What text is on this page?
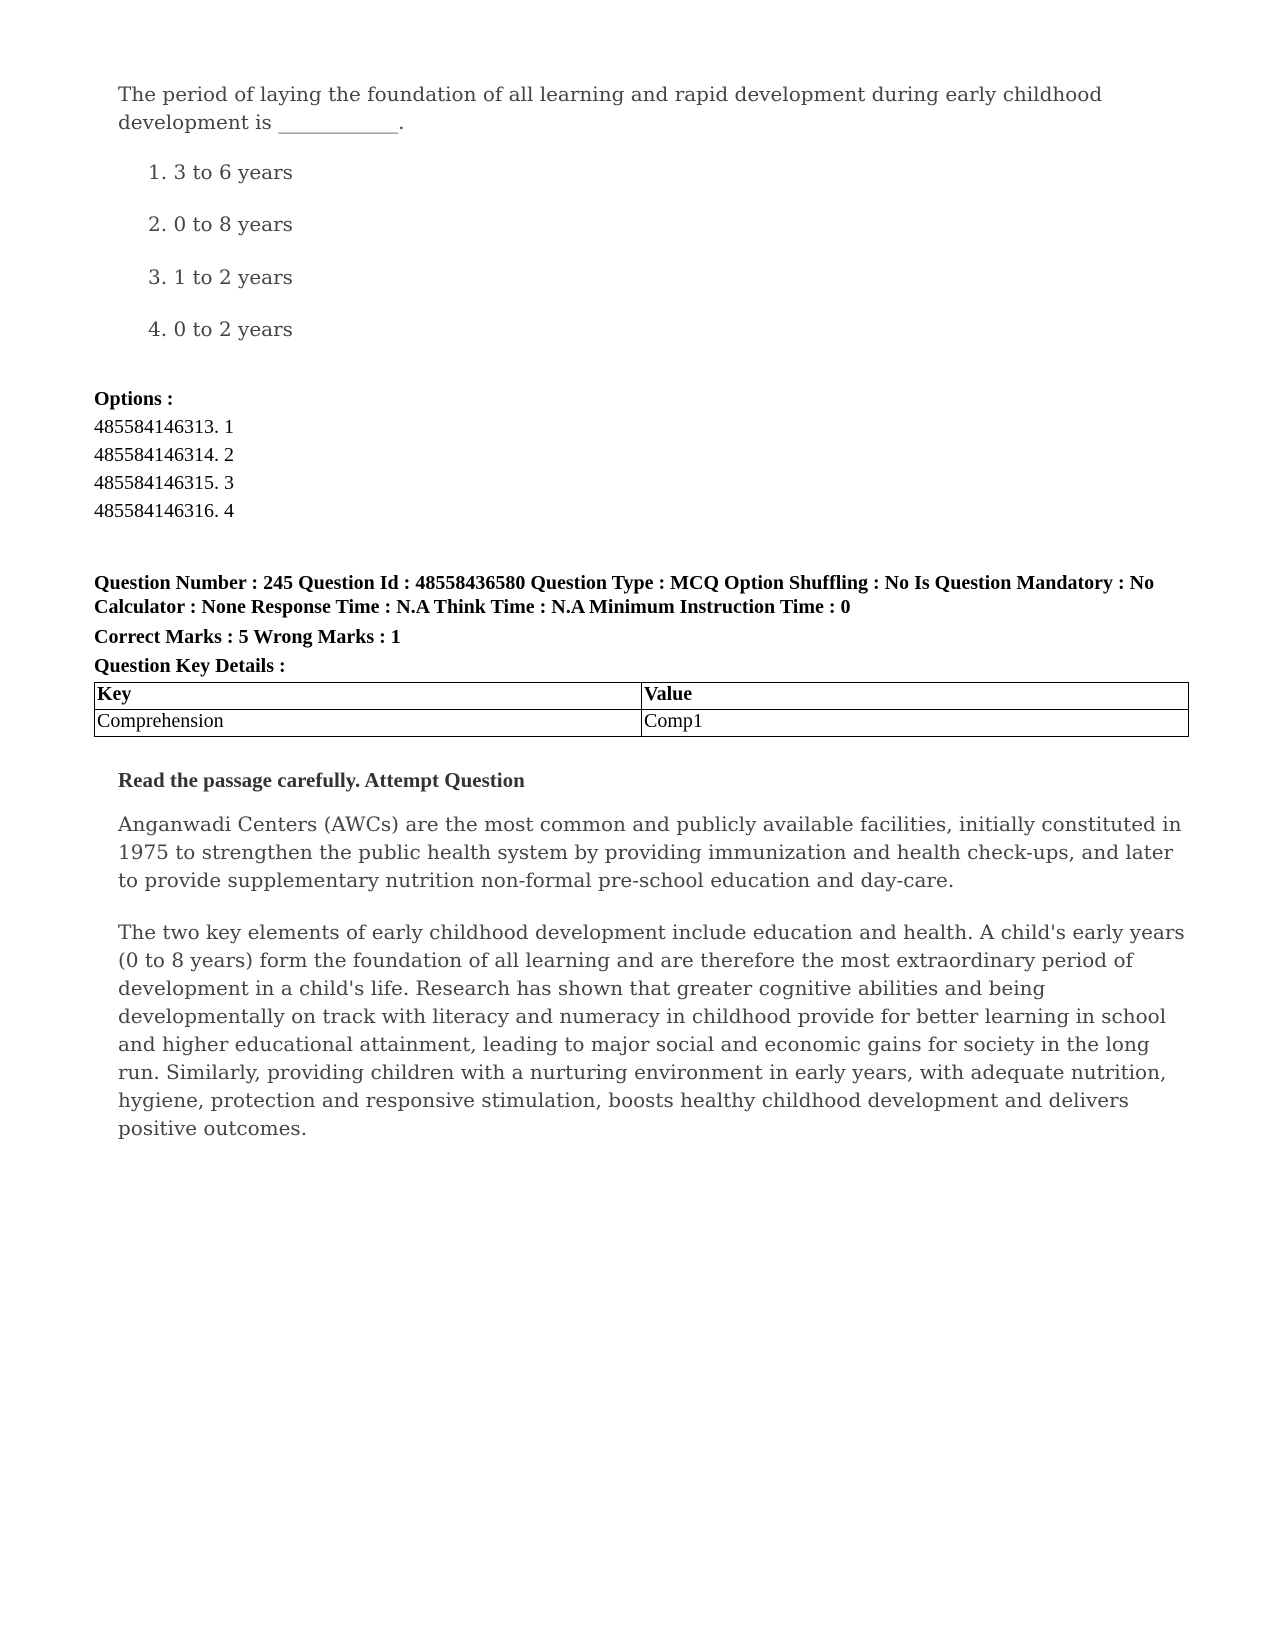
The period of laying the foundation of all learning and rapid development during early childhood development is ____________.

1. 3 to 6 years

2. 0 to 8 years

3. 1 to 2 years

4. 0 to 2 years

Options :

485584146313. 1

485584146314. 2

485584146315. 3

485584146316. 4

Question Number : 245 Question Id : 48558436580 Question Type : MCQ Option Shuffling : No Is Question Mandatory : No Calculator : None Response Time : N.A Think Time : N.A Minimum Instruction Time : 0

Correct Marks : 5 Wrong Marks : 1

Question Key Details :

Key	Value
Comprehension	Comp1

Read the passage carefully. Attempt Question

Anganwadi Centers (AWCs) are the most common and publicly available facilities, initially constituted in 1975 to strengthen the public health system by providing immunization and health check-ups, and later to provide supplementary nutrition non-formal pre-school education and day-care.

The two key elements of early childhood development include education and health. A child's early years (0 to 8 years) form the foundation of all learning and are therefore the most extraordinary period of development in a child's life. Research has shown that greater cognitive abilities and being developmentally on track with literacy and numeracy in childhood provide for better learning in school and higher educational attainment, leading to major social and economic gains for society in the long run. Similarly, providing children with a nurturing environment in early years, with adequate nutrition, hygiene, protection and responsive stimulation, boosts healthy childhood development and delivers positive outcomes.
